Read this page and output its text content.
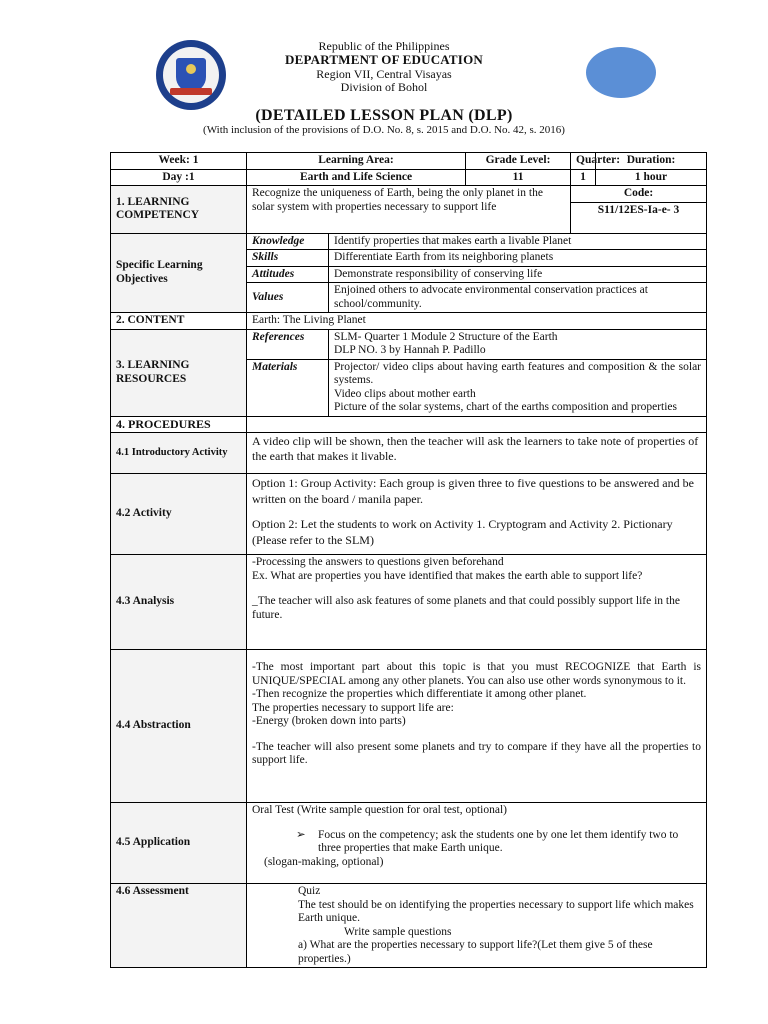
Republic of the Philippines
DEPARTMENT OF EDUCATION
Region VII, Central Visayas
Division of Bohol
(DETAILED LESSON PLAN (DLP)
(With inclusion of the provisions of D.O. No. 8, s. 2015 and D.O. No. 42, s. 2016)
Week: 1	Learning Area:		Grade Level:	Quarter:	Duration:
Day :1	Earth and Life Science		11	1	1 hour
1. LEARNING COMPETENCY	Recognize the uniqueness of Earth, being the only planet in the solar system with properties necessary to support life			Code:	
				S11/12ES-Ia-e- 3	
Specific Learning Objectives	Knowledge	Identify properties that makes earth a livable Planet			
	Skills	Differentiate Earth from its neighboring planets			
	Attitudes	Demonstrate responsibility of conserving life			
	Values	Enjoined others to advocate environmental conservation practices at school/community.			
2. CONTENT	Earth: The Living Planet				
3. LEARNING RESOURCES	References	SLM- Quarter 1 Module 2 Structure of the Earth
DLP NO. 3 by Hannah P. Padillo			

	Materials	Projector/ video clips about having earth features and composition & the solar systems.
Video clips about mother earth
Picture of the solar systems, chart of the earths composition and properties			

4. PROCEDURES					
4.1 Introductory Activity	A video clip will be shown, then the teacher will ask the learners to take note of properties of the earth that makes it livable.				
4.2 Activity	Option 1: Group Activity: Each group is given three to five questions to be answered and be written on the board / manila paper.
Option 2: Let the students to work on Activity 1. Cryptogram and Activity 2. Pictionary (Please refer to the SLM)				

4.3 Analysis	-Processing the answers to questions given beforehand
Ex. What are properties you have identified that makes the earth able to support life?
_The teacher will also ask features of some planets and that could possibly support life in the future.				

4.4 Abstraction	-The most important part about this topic is that you must RECOGNIZE that Earth is UNIQUE/SPECIAL among any other planets. You can also use other words synonymous to it.
-Then recognize the properties which differentiate it among other planet.
The properties necessary to support life are:
-Energy (broken down into parts)
-The teacher will also present some planets and try to compare if they have all the properties to support life.				

4.5 Application	Oral Test (Write sample question for oral test, optional)
➢ Focus on the competency; ask the students one by one let them identify two to three properties that make Earth unique.
(slogan-making, optional)				

4.6 Assessment	Quiz
The test should be on identifying the properties necessary to support life which makes Earth unique.
Write sample questions
a) What are the properties necessary to support life?(Let them give 5 of these properties.)				
